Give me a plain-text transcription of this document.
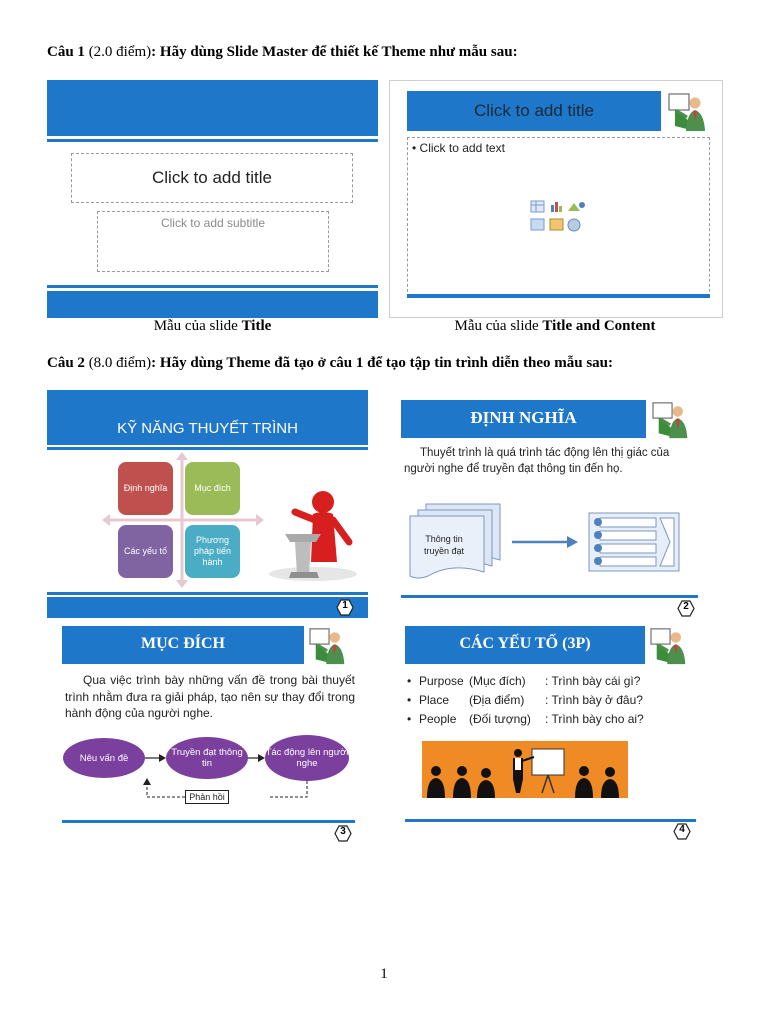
Câu 1 (2.0 điểm): Hãy dùng Slide Master để thiết kế Theme như mẫu sau:
Click to add title
Click to add subtitle
Mẫu của slide Title
Click to add title
• Click to add text
Mẫu của slide Title and Content
Câu 2 (8.0 điểm): Hãy dùng Theme đã tạo ở câu 1 để tạo tập tin trình diễn theo mẫu sau:
KỸ NĂNG THUYẾT TRÌNH
Định nghĩa	Mục đích
Các yếu tố
Phương pháp tiến hành
1
ĐỊNH NGHĨA
Thuyết trình là quá trình tác động lên thị giác của người nghe để truyền đạt thông tin đến họ.
Thông tin truyền đạt
2
MỤC ĐÍCH
Qua việc trình bày những vấn đề trong bài thuyết trình nhằm đưa ra giải pháp, tạo nên sự thay đổi trong hành động của người nghe.
Nêu vấn đề	Truyền đạt thông tin
Tác động lên người nghe
Phản hồi
3
CÁC YẾU TỐ (3P)
• Purpose (Mục đích) : Trình bày cái gì?
• Place (Địa điểm) : Trình bày ở đâu?
• People (Đối tượng) : Trình bày cho ai?
4
1
